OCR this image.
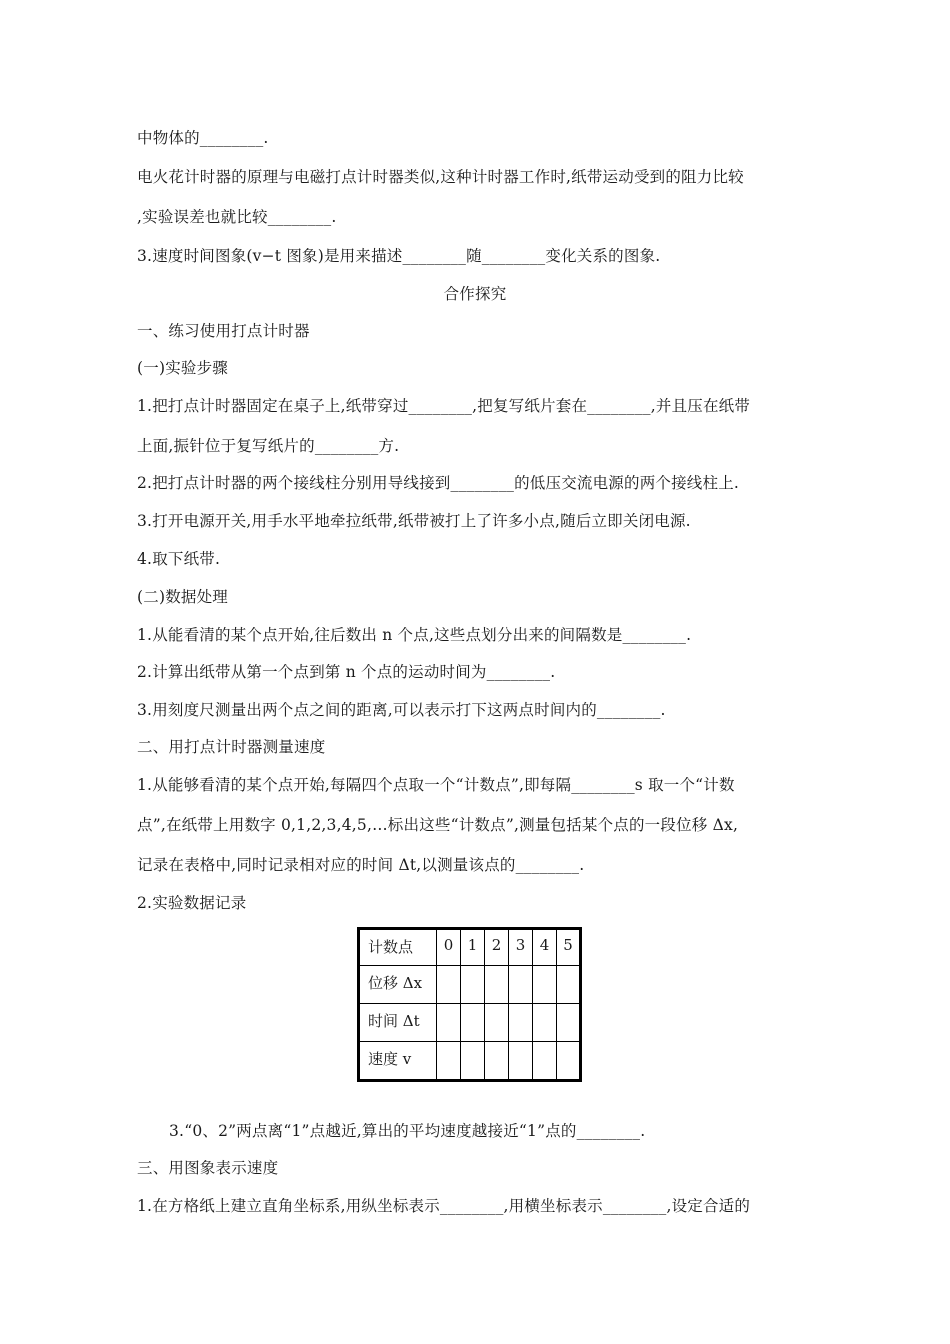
中物体的________.
电火花计时器的原理与电磁打点计时器类似,这种计时器工作时,纸带运动受到的阻力比较
,实验误差也就比较________.
3.速度时间图象(v−t 图象)是用来描述________随________变化关系的图象.
合作探究
一、练习使用打点计时器
(一)实验步骤
1.把打点计时器固定在桌子上,纸带穿过________,把复写纸片套在________,并且压在纸带
上面,振针位于复写纸片的________方.
2.把打点计时器的两个接线柱分别用导线接到________的低压交流电源的两个接线柱上.
3.打开电源开关,用手水平地牵拉纸带,纸带被打上了许多小点,随后立即关闭电源.
4.取下纸带.
(二)数据处理
1.从能看清的某个点开始,往后数出 n 个点,这些点划分出来的间隔数是________.
2.计算出纸带从第一个点到第 n 个点的运动时间为________.
3.用刻度尺测量出两个点之间的距离,可以表示打下这两点时间内的________.
二、用打点计时器测量速度
1.从能够看清的某个点开始,每隔四个点取一个“计数点”,即每隔________s 取一个“计数
点”,在纸带上用数字 0,1,2,3,4,5,…标出这些“计数点”,测量包括某个点的一段位移 Δx,
记录在表格中,同时记录相对应的时间 Δt,以测量该点的________.
2.实验数据记录
计数点	0	1	2	3	4	5
位移 Δx						
时间 Δt						
速度 v						
3.“0、2”两点离“1”点越近,算出的平均速度越接近“1”点的________.
三、用图象表示速度
1.在方格纸上建立直角坐标系,用纵坐标表示________,用横坐标表示________,设定合适的
